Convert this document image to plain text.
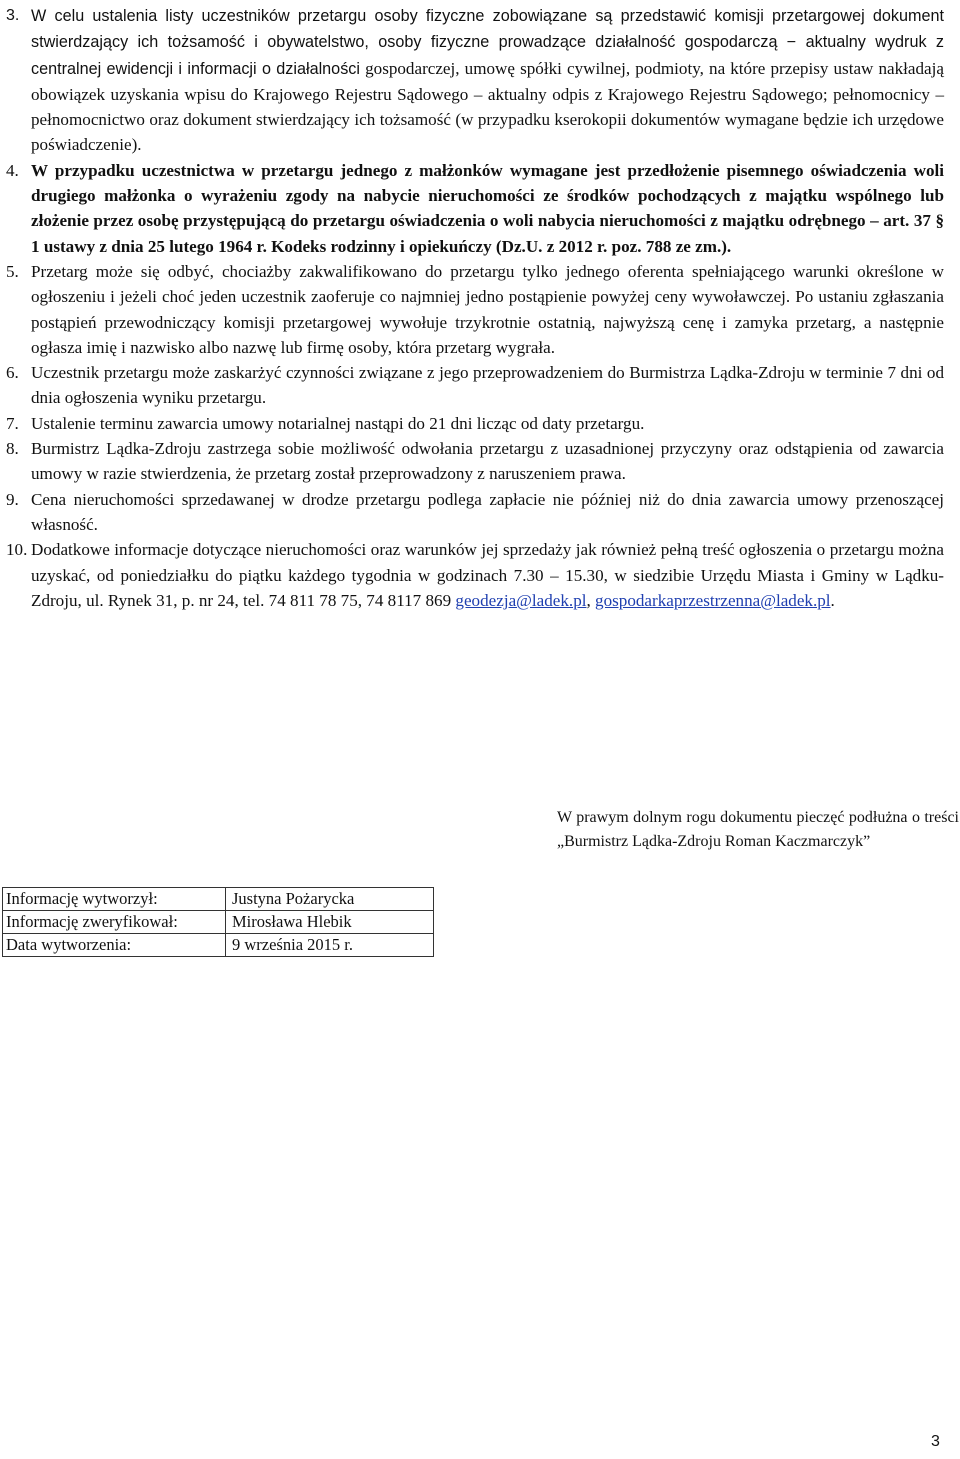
3. W celu ustalenia listy uczestników przetargu osoby fizyczne zobowiązane są przedstawić komisji przetargowej dokument stwierdzający ich tożsamość i obywatelstwo, osoby fizyczne prowadzące działalność gospodarczą − aktualny wydruk z centralnej ewidencji i informacji o działalności gospodarczej, umowę spółki cywilnej, podmioty, na które przepisy ustaw nakładają obowiązek uzyskania wpisu do Krajowego Rejestru Sądowego – aktualny odpis z Krajowego Rejestru Sądowego; pełnomocnicy – pełnomocnictwo oraz dokument stwierdzający ich tożsamość (w przypadku kserokopii dokumentów wymagane będzie ich urzędowe poświadczenie).
4. W przypadku uczestnictwa w przetargu jednego z małżonków wymagane jest przedłożenie pisemnego oświadczenia woli drugiego małżonka o wyrażeniu zgody na nabycie nieruchomości ze środków pochodzących z majątku wspólnego lub złożenie przez osobę przystępującą do przetargu oświadczenia o woli nabycia nieruchomości z majątku odrębnego – art. 37 § 1 ustawy z dnia 25 lutego 1964 r. Kodeks rodzinny i opiekuńczy (Dz.U. z 2012 r. poz. 788 ze zm.).
5. Przetarg może się odbyć, chociażby zakwalifikowano do przetargu tylko jednego oferenta spełniającego warunki określone w ogłoszeniu i jeżeli choć jeden uczestnik zaoferuje co najmniej jedno postąpienie powyżej ceny wywoławczej. Po ustaniu zgłaszania postąpień przewodniczący komisji przetargowej wywołuje trzykrotnie ostatnią, najwyższą cenę i zamyka przetarg, a następnie ogłasza imię i nazwisko albo nazwę lub firmę osoby, która przetarg wygrała.
6. Uczestnik przetargu może zaskarżyć czynności związane z jego przeprowadzeniem do Burmistrza Lądka-Zdroju w terminie 7 dni od dnia ogłoszenia wyniku przetargu.
7. Ustalenie terminu zawarcia umowy notarialnej nastąpi do 21 dni licząc od daty przetargu.
8. Burmistrz Lądka-Zdroju zastrzega sobie możliwość odwołania przetargu z uzasadnionej przyczyny oraz odstąpienia od zawarcia umowy w razie stwierdzenia, że przetarg został przeprowadzony z naruszeniem prawa.
9. Cena nieruchomości sprzedawanej w drodze przetargu podlega zapłacie nie później niż do dnia zawarcia umowy przenoszącej własność.
10. Dodatkowe informacje dotyczące nieruchomości oraz warunków jej sprzedaży jak również pełną treść ogłoszenia o przetargu można uzyskać, od poniedziałku do piątku każdego tygodnia w godzinach 7.30 – 15.30, w siedzibie Urzędu Miasta i Gminy w Lądku-Zdroju, ul. Rynek 31, p. nr 24, tel. 74 811 78 75, 74 8117 869 geodezja@ladek.pl, gospodarkaprzestrzenna@ladek.pl.
W prawym dolnym rogu dokumentu pieczęć podłużna o treści „Burmistrz Lądka-Zdroju Roman Kaczmarczyk”
Informację wytworzył:	Justyna Pożarycka
Informację zweryfikował:	Mirosława Hlebik
Data wytworzenia:	9 września 2015 r.
3
